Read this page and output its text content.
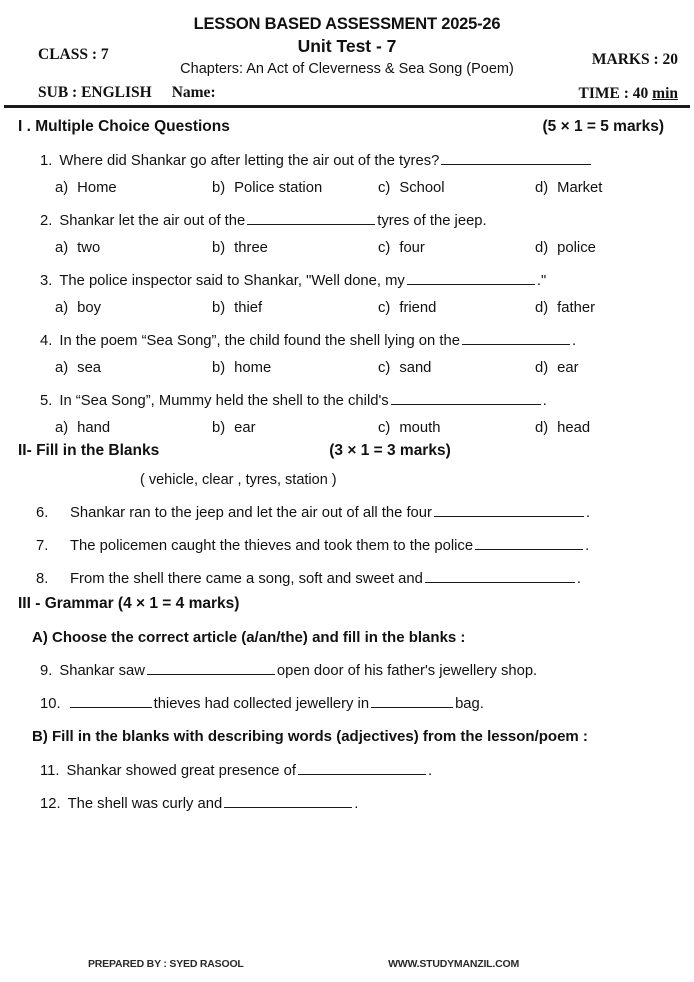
LESSON BASED ASSESSMENT 2025-26
Unit Test - 7
Chapters: An Act of Cleverness & Sea Song (Poem)
CLASS : 7
SUB : ENGLISH Name:
MARKS : 20
TIME : 40 min
I . Multiple Choice Questions	(5 × 1 = 5 marks)
1. Where did Shankar go after letting the air out of the tyres?
a) Home	b) Police station	c) School	d) Market
2. Shankar let the air out of the	tyres of the jeep.
a) two	b) three	c) four	d) police
3. The police inspector said to Shankar, "Well done, my	."
a) boy	b) thief	c) friend	d) father
4. In the poem “Sea Song”, the child found the shell lying on the	.
a) sea	b) home	c) sand	d) ear
5. In “Sea Song”, Mummy held the shell to the child's	.
a) hand	b) ear	c) mouth	d) head
II- Fill in the Blanks	(3 × 1 = 3 marks)
( vehicle, clear , tyres, station )
6.	Shankar ran to the jeep and let the air out of all the four	.
7.	The policemen caught the thieves and took them to the police	.
8.	From the shell there came a song, soft and sweet and	.
III - Grammar (4 × 1 = 4 marks)
A) Choose the correct article (a/an/the) and fill in the blanks :
9. Shankar saw	open door of his father's jewellery shop.
10.	thieves had collected jewellery in	bag.
B) Fill in the blanks with describing words (adjectives) from the lesson/poem :
11. Shankar showed great presence of	.
12. The shell was curly and	.
PREPARED BY : SYED RASOOL	WWW.STUDYMANZIL.COM
